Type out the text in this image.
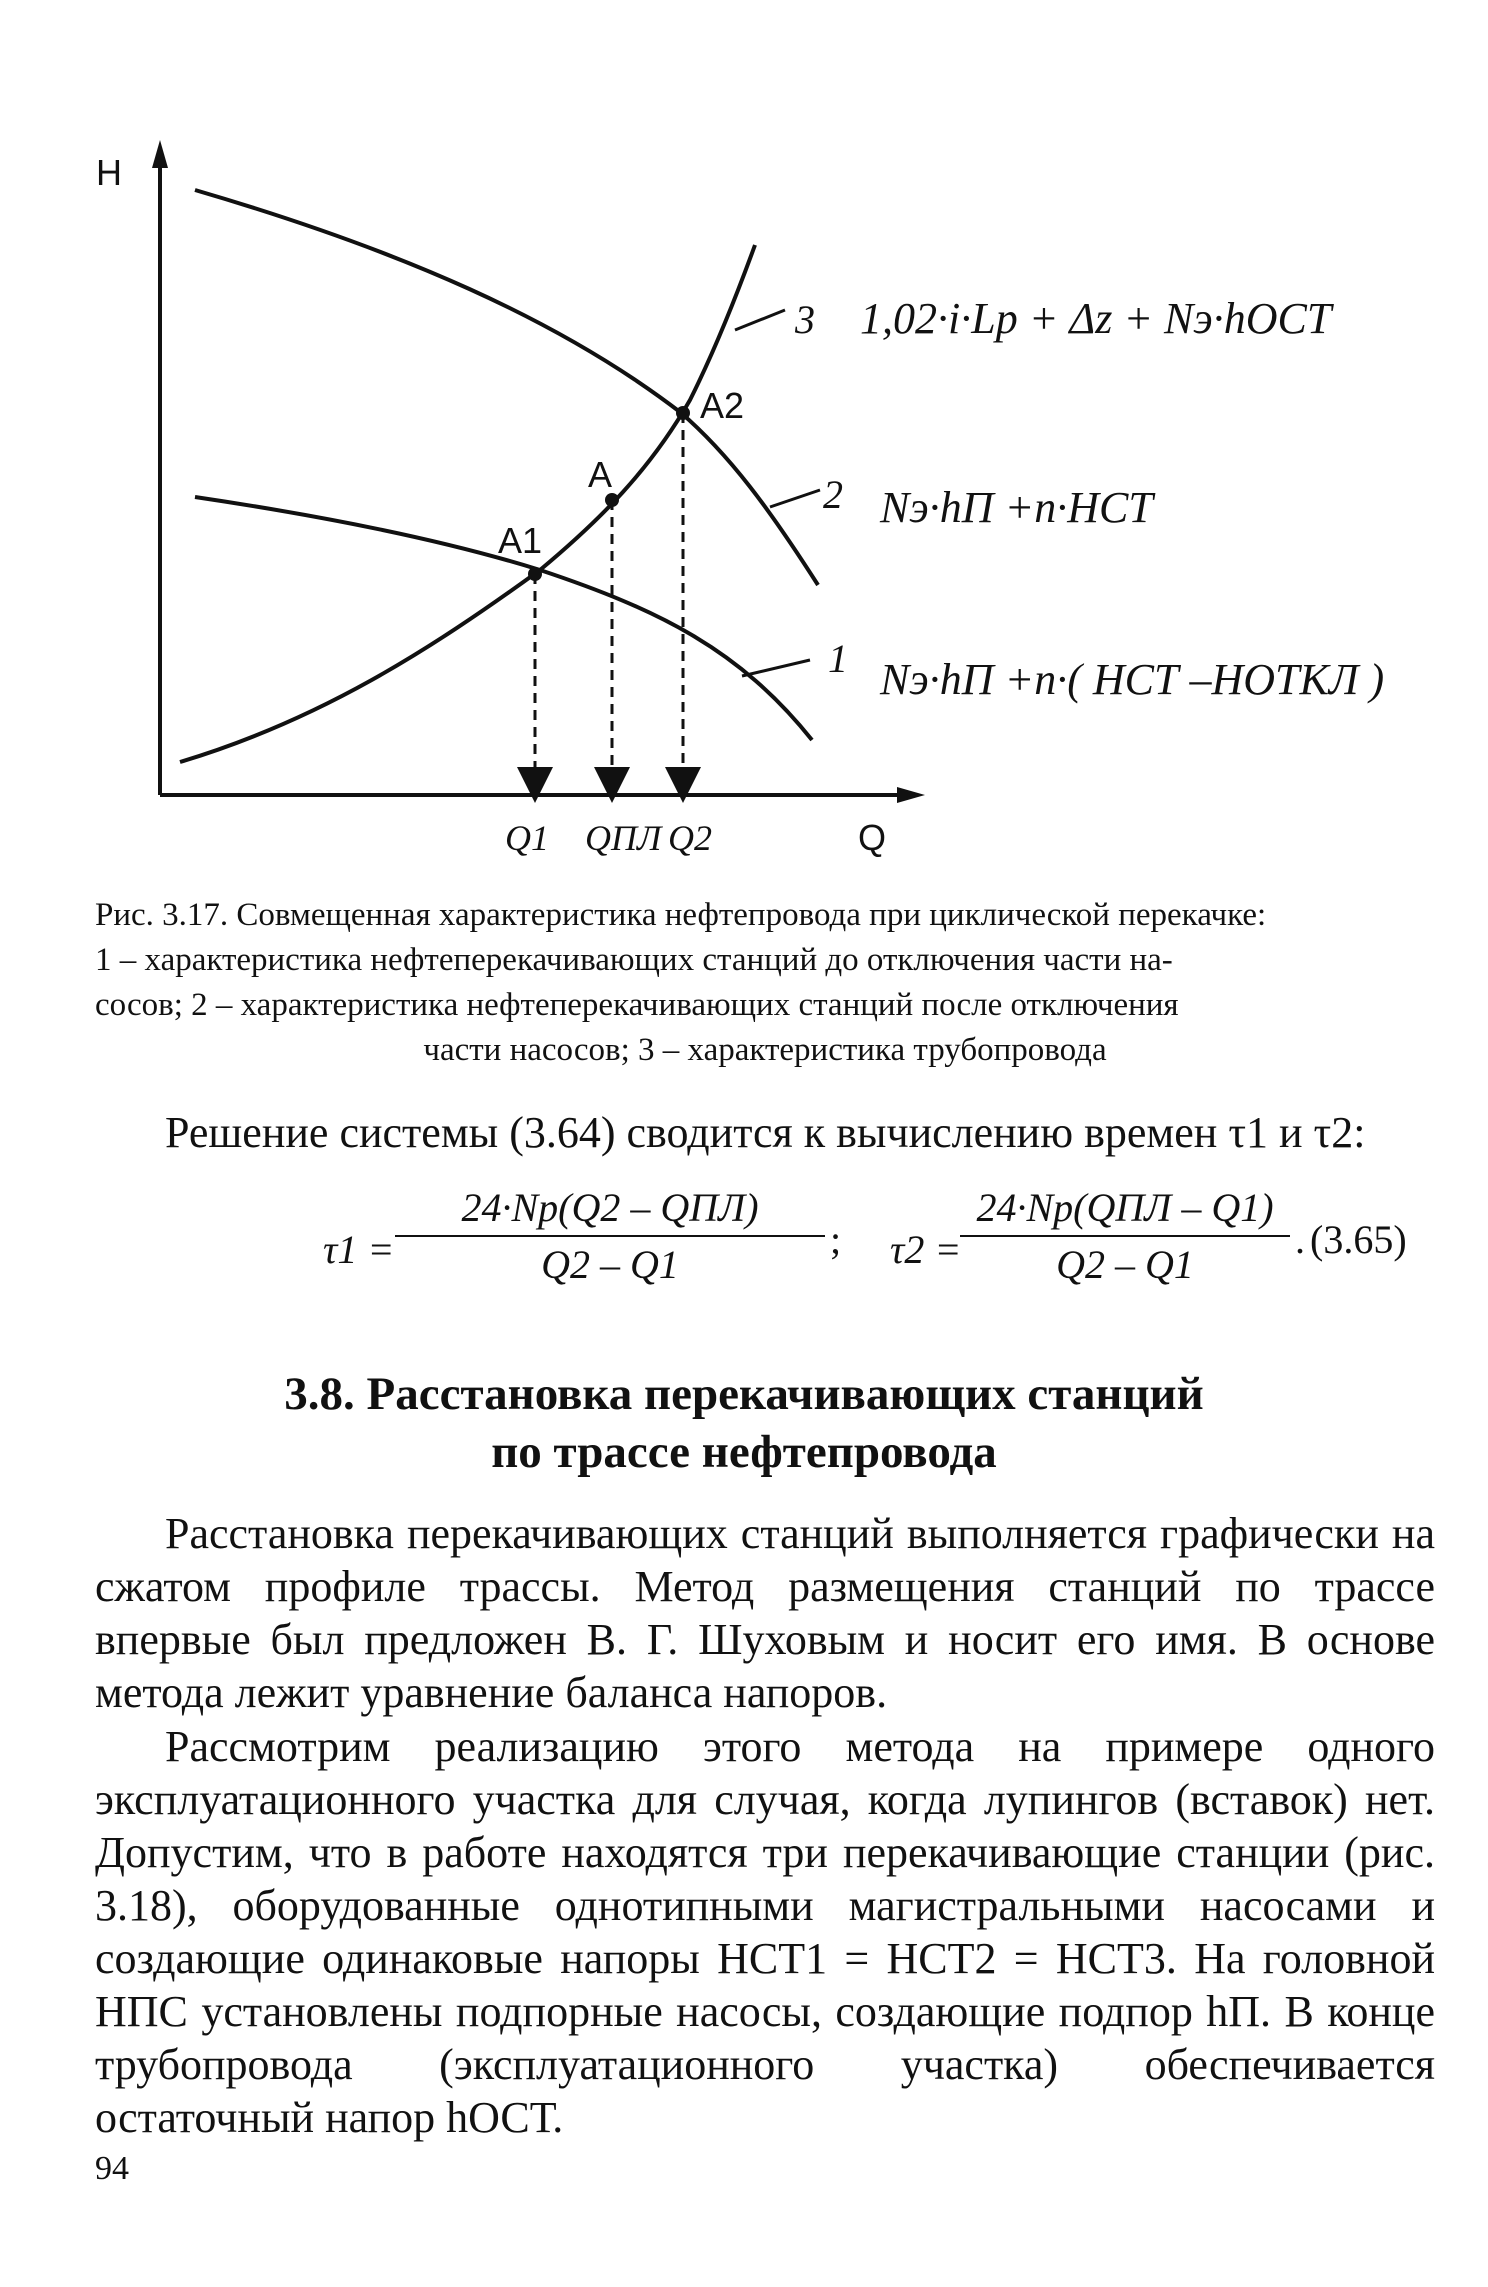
H
Q
A1
A
A2
Q1 QПЛ Q2
3 1,02·i·Lр + Δz + Nэ·hОСТ
2 Nэ·hП +n·HСТ
1 Nэ·hП +n·( HСТ –HОТКЛ )
Рис. 3.17. Совмещенная характеристика нефтепровода при циклической перекачке:
1 – характеристика нефтеперекачивающих станций до отключения части на-
сосов; 2 – характеристика нефтеперекачивающих станций после отключения
части насосов; 3 – характеристика трубопровода
Решение системы (3.64) сводится к вычислению времен τ1 и τ2:
τ1 =
24·Nр(Q2 – QПЛ)
Q2 – Q1
; τ2 =
24·Nр(QПЛ – Q1)
Q2 – Q1
. (3.65)
3.8. Расстановка перекачивающих станций
по трассе нефтепровода
Расстановка перекачивающих станций выполняется графически на сжатом профиле трассы. Метод размещения станций по трассе впервые был предложен В. Г. Шуховым и носит его имя. В основе метода лежит уравнение баланса напоров.
Рассмотрим реализацию этого метода на примере одного эксплуатационного участка для случая, когда лупингов (вставок) нет. Допустим, что в работе находятся три перекачивающие станции (рис. 3.18), оборудованные однотипными магистральными насосами и создающие одинаковые напоры HСТ1 = HСТ2 = HСТ3. На головной НПС установлены подпорные насосы, создающие подпор hП. В конце трубопровода (эксплуатационного участка) обеспечивается остаточный напор hОСТ.
94
